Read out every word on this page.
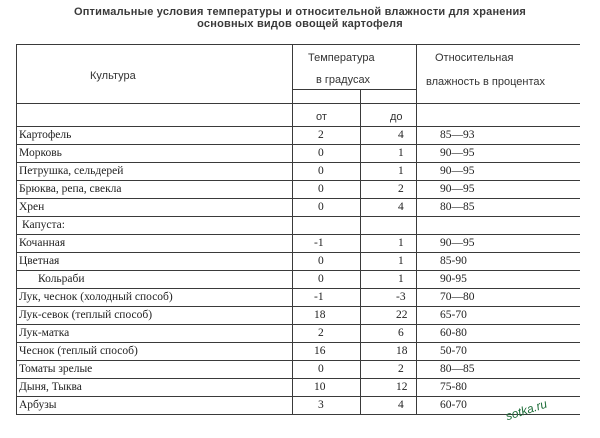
Оптимальные условия температуры и относительной влажности для хранения
основных видов овощей картофеля
Культура
Температура
в градусах
Относительная
влажность в процентах
от	до
Картофель	2	4	85—93
Морковь	0	1	90—95
Петрушка, сельдерей	0	1	90—95
Брюква, репа, свекла	0	2	90—95
Хрен	0	4	80—85
Капуста:
Кочанная	-1	1	90—95
Цветная	0	1	85-90
Кольраби	0	1	90-95
Лук, чеснок (холодный способ)	-1	-3	70—80
Лук-севок (теплый способ)	18	22	65-70
Лук-матка	2	6	60-80
Чеснок (теплый способ)	16	18	50-70
Томаты зрелые	0	2	80—85
Дыня, Тыква	10	12	75-80
Арбузы	3	4	60-70	sotka.ru
